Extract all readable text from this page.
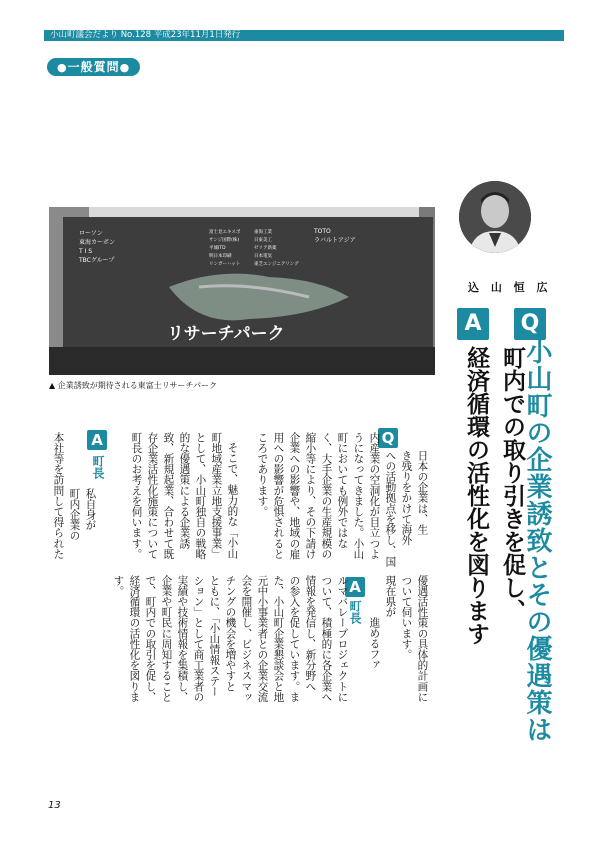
小山町議会だより No.128 平成23年11月1日発行
●一般質問●
ローソン
東海カーボン
T I S
TBCグループ
富士見エキスポ
サンジ国際(株)
平城ITD
明日本印刷
リンガーハット
東海工業
日東美工
ゼリア新薬
日本電気
東芝エンジニアリング
TOTO
ラバルトアジア
リサーチパーク
▲ 企業誘致が期待される東富士リサーチパーク
込 山 恒 広
Q
A
小山町の企業誘致とその優遇策は
町内での取り引きを促し、
経済循環の活性化を図ります
Q
日本の企業は、生
き残りをかけて海外
への活動拠点を移し、国
内産業の空洞化が目立つよ
うになってきました。小山
町においても例外ではな
く、大手企業の生産規模の
縮小等により、その下請け
企業への影響や、地域の雇
用への影響が危惧されると
ころであります。
そこで、魅力的な「小山
町地域産業立地支援事業」
として、小山町独自の戦略
的な優遇策による企業誘
致、新規起業、合わせて既
存企業活性化施策について
町長のお考えを伺います。
A
町長
私自身が
町内企業の
本社等を訪問して得られた
優遇活性策の具体的計画に
ついて伺います。
A
町長 現在県が
進めるファ
ルマバレープロジェクトに
ついて、積極的に各企業へ
情報を発信し、新分野へ
の参入を促しています。ま
た、小山町企業懇談会と地
元中小事業者との企業交流
会を開催し、ビジネスマッ
チングの機会を増やすと
ともに、「小山情報ステー
ション」として商工業者の
実績や技術情報を集積し、
企業や町民に周知すること
で、町内での取引を促し、
経済循環の活性化を図りま
す。
13
